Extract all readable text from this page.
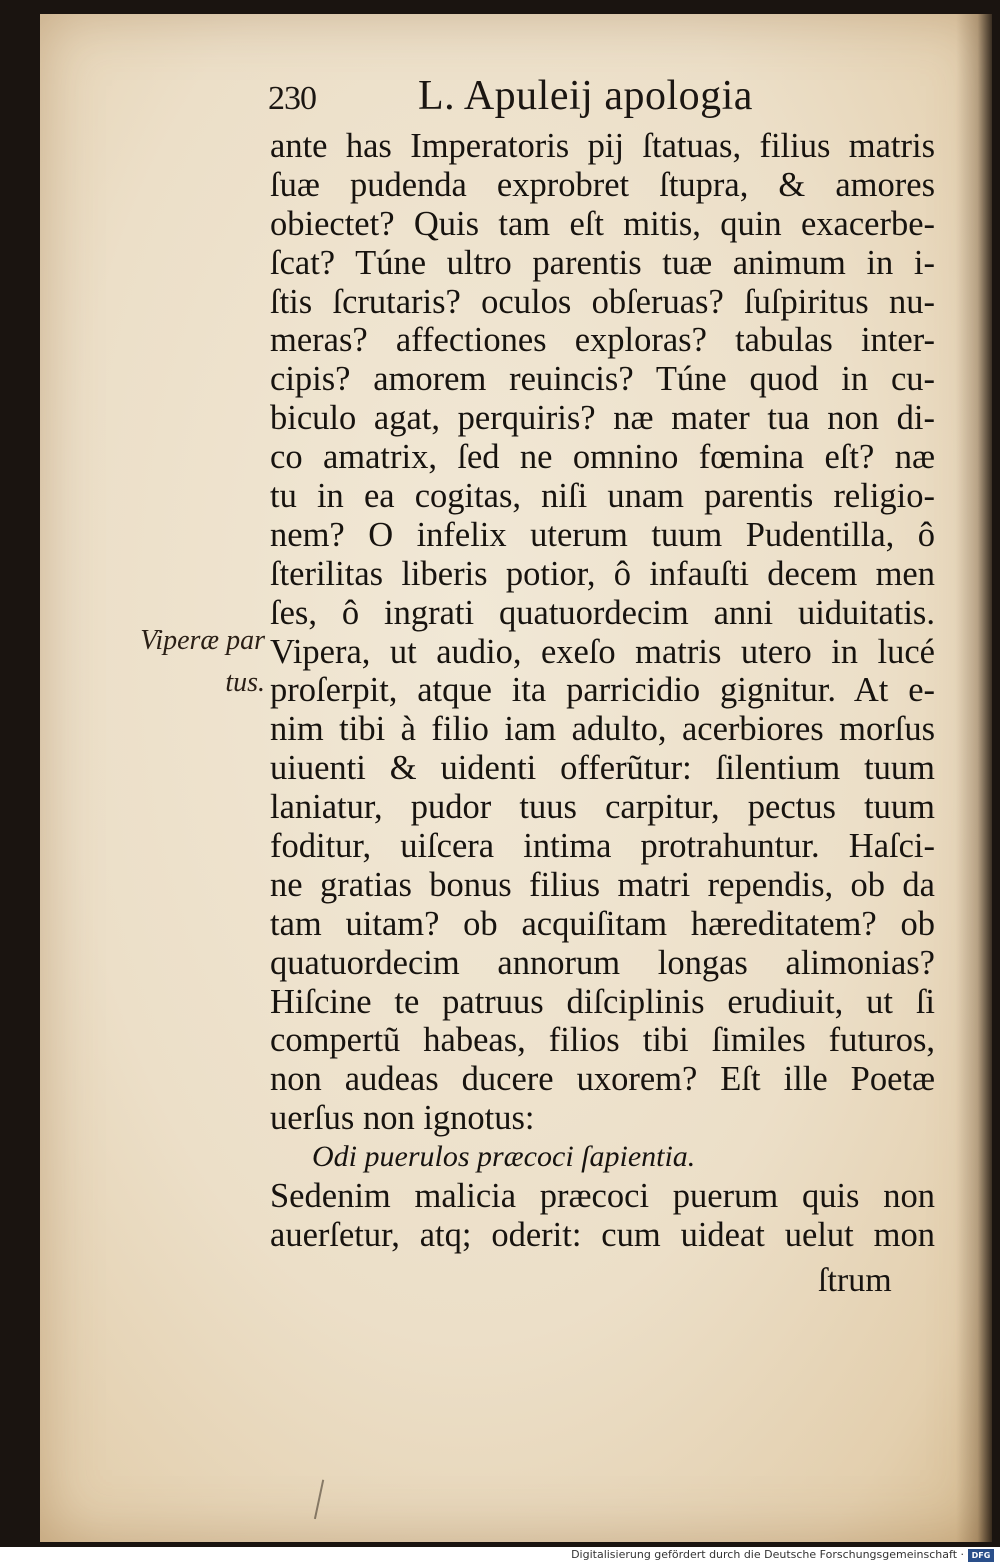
230 L. Apuleij apologia
Viperæ par
tus.
ante has Imperatoris pij ſtatuas, filius matris
ſuæ pudenda exprobret ſtupra, & amores
obiectet? Quis tam eſt mitis, quin exacerbe-
ſcat? Túne ultro parentis tuæ animum in i-
ſtis ſcrutaris? oculos obſeruas? ſuſpiritus nu-
meras? affectiones exploras? tabulas inter-
cipis? amorem reuincis? Túne quod in cu-
biculo agat, perquiris? næ mater tua non di-
co amatrix, ſed ne omnino fœmina eſt? næ
tu in ea cogitas, niſi unam parentis religio-
nem? O infelix uterum tuum Pudentilla, ô
ſterilitas liberis potior, ô infauſti decem men
ſes, ô ingrati quatuordecim anni uiduitatis.
Vipera, ut audio, exeſo matris utero in lucé
proſerpit, atque ita parricidio gignitur. At e-
nim tibi à filio iam adulto, acerbiores morſus
uiuenti & uidenti offerũtur: ſilentium tuum
laniatur, pudor tuus carpitur, pectus tuum
foditur, uiſcera intima protrahuntur. Haſci-
ne gratias bonus filius matri rependis, ob da
tam uitam? ob acquiſitam hæreditatem? ob
quatuordecim annorum longas alimonias?
Hiſcine te patruus diſciplinis erudiuit, ut ſi
compertũ habeas, filios tibi ſimiles futuros,
non audeas ducere uxorem? Eſt ille Poetæ
uerſus non ignotus:
Odi puerulos præcoci ſapientia.
Sedenim malicia præcoci puerum quis non
auerſetur, atq; oderit: cum uideat uelut mon
ſtrum
Digitalisierung gefördert durch die Deutsche Forschungsgemeinschaft · DFG
